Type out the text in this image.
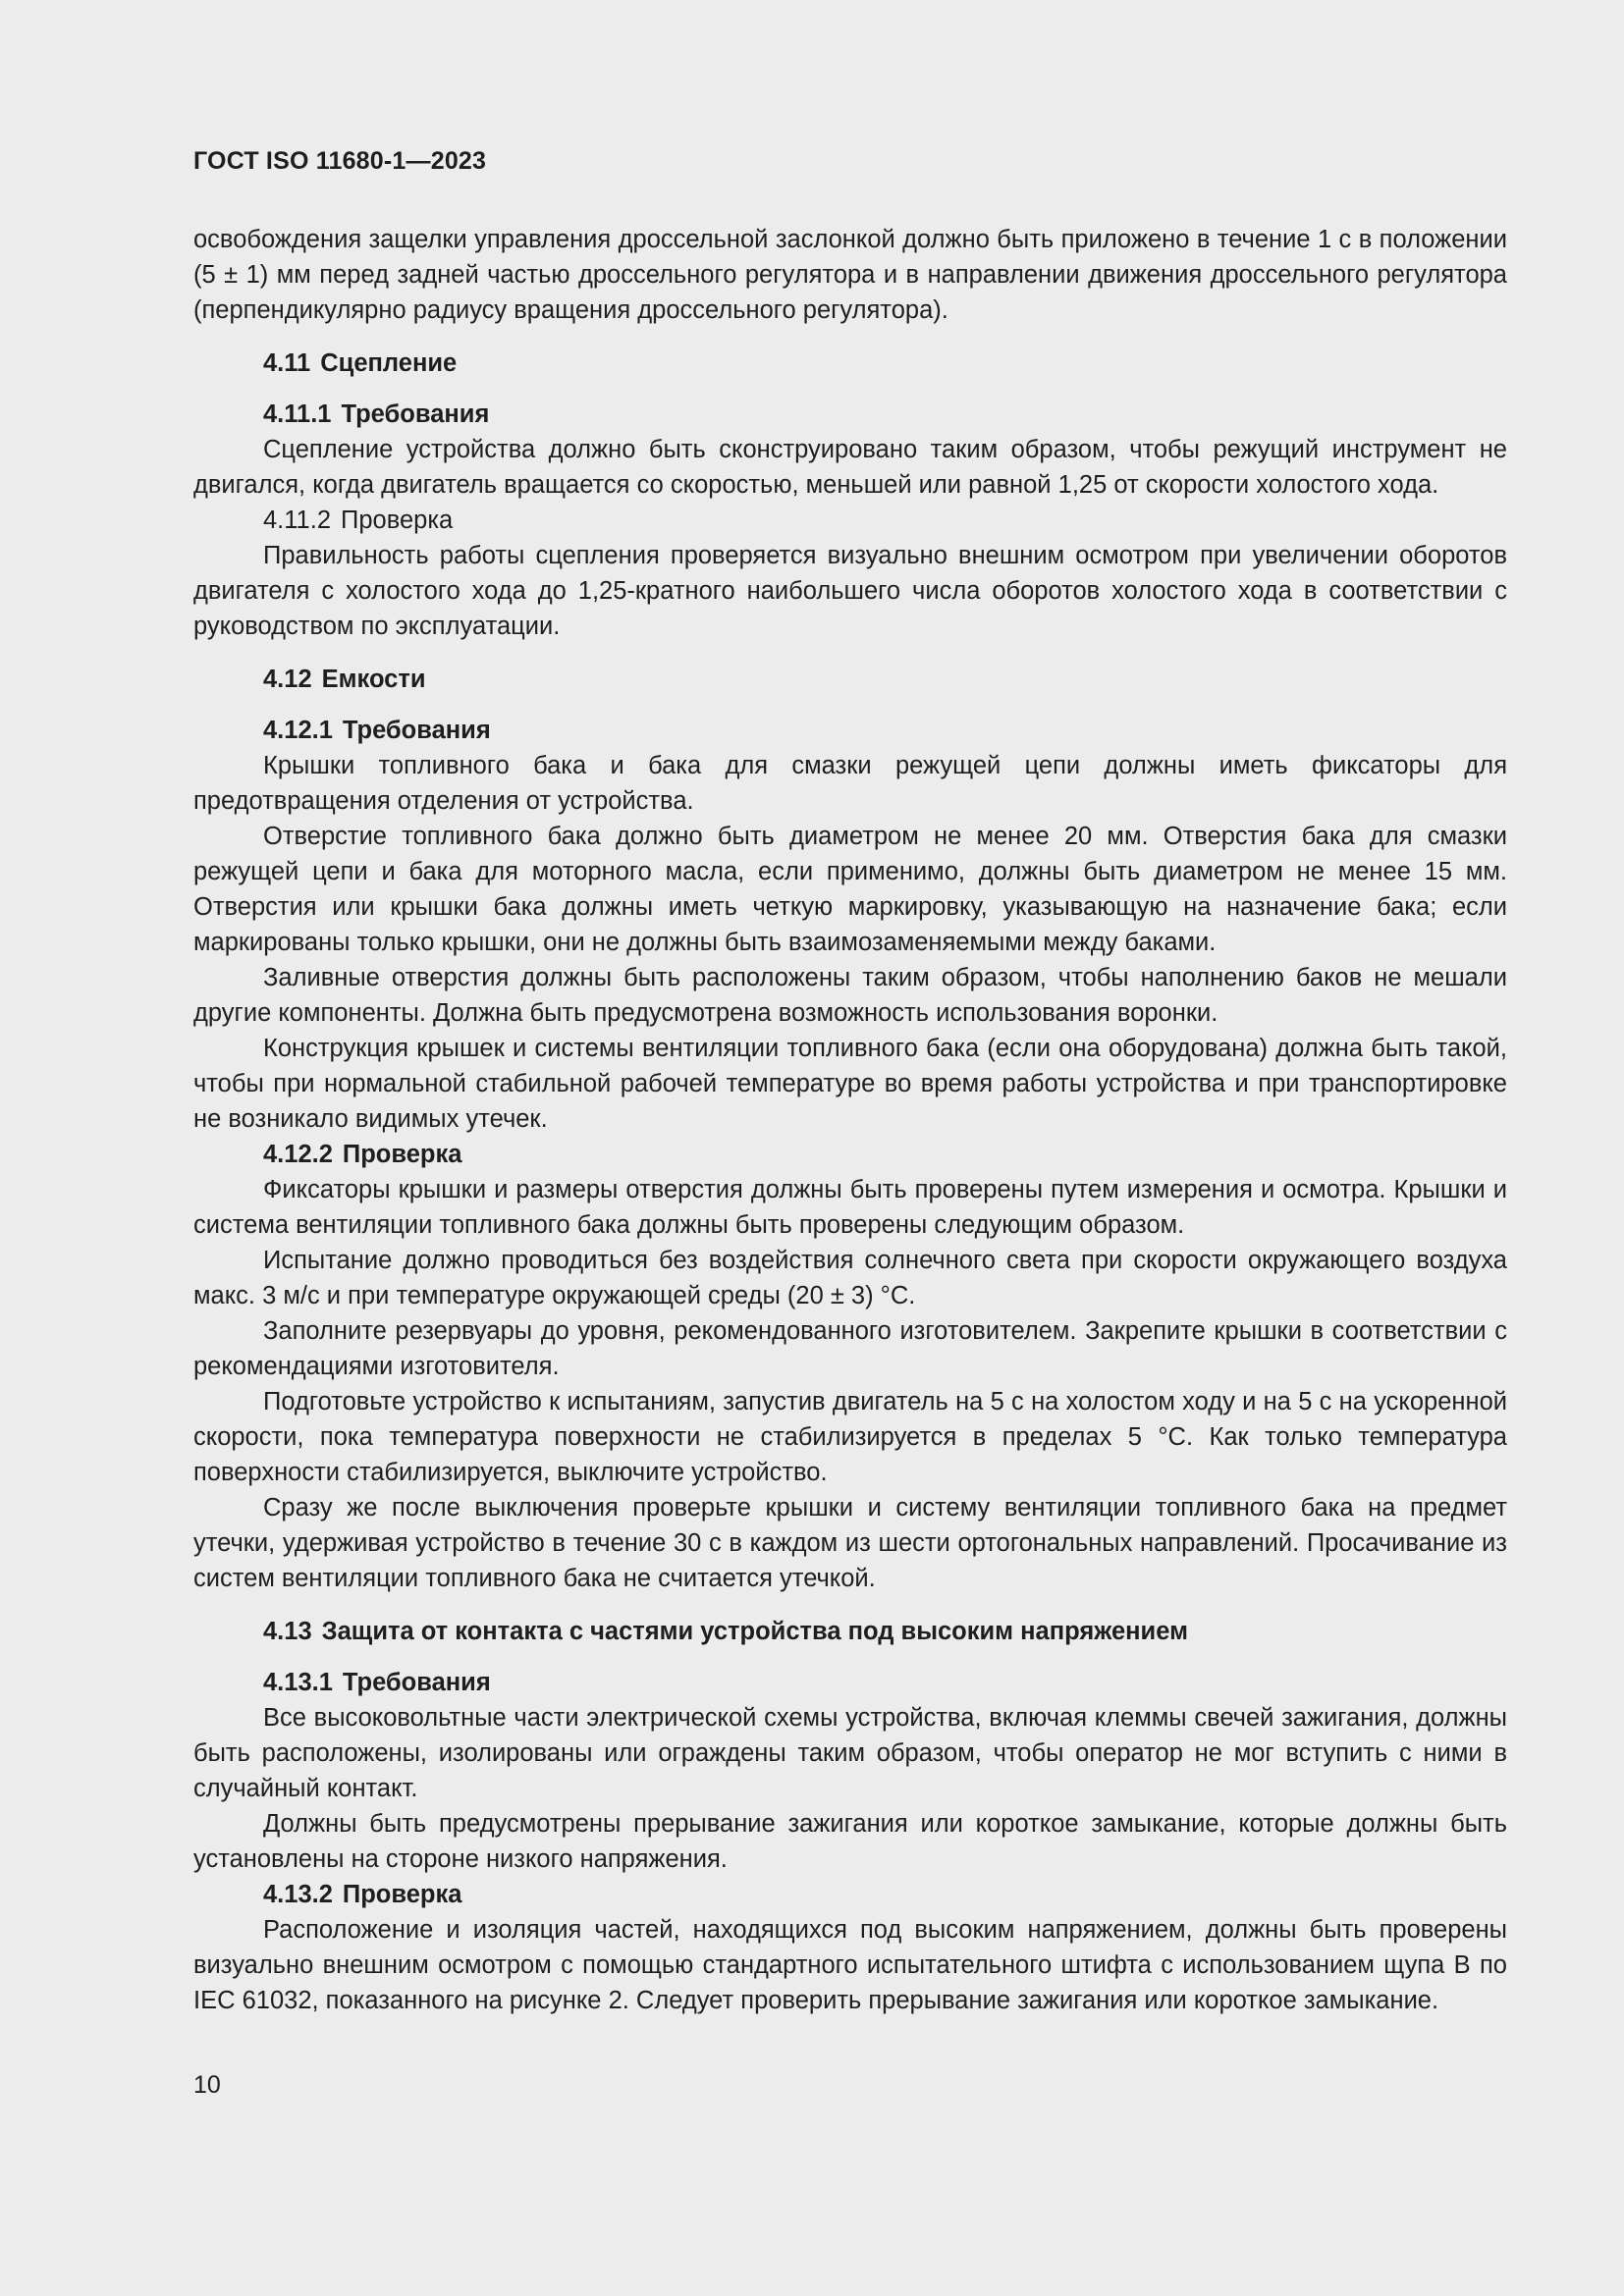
ГОСТ ISO 11680-1—2023

освобождения защелки управления дроссельной заслонкой должно быть приложено в течение 1 с в положении (5 ± 1) мм перед задней частью дроссельного регулятора и в направлении движения дроссельного регулятора (перпендикулярно радиусу вращения дроссельного регулятора).

4.11 Сцепление

4.11.1 Требования

Сцепление устройства должно быть сконструировано таким образом, чтобы режущий инструмент не двигался, когда двигатель вращается со скоростью, меньшей или равной 1,25 от скорости холостого хода.

4.11.2 Проверка

Правильность работы сцепления проверяется визуально внешним осмотром при увеличении оборотов двигателя с холостого хода до 1,25-кратного наибольшего числа оборотов холостого хода в соответствии с руководством по эксплуатации.

4.12 Емкости

4.12.1 Требования

Крышки топливного бака и бака для смазки режущей цепи должны иметь фиксаторы для предотвращения отделения от устройства.

Отверстие топливного бака должно быть диаметром не менее 20 мм. Отверстия бака для смазки режущей цепи и бака для моторного масла, если применимо, должны быть диаметром не менее 15 мм. Отверстия или крышки бака должны иметь четкую маркировку, указывающую на назначение бака; если маркированы только крышки, они не должны быть взаимозаменяемыми между баками.

Заливные отверстия должны быть расположены таким образом, чтобы наполнению баков не мешали другие компоненты. Должна быть предусмотрена возможность использования воронки.

Конструкция крышек и системы вентиляции топливного бака (если она оборудована) должна быть такой, чтобы при нормальной стабильной рабочей температуре во время работы устройства и при транспортировке не возникало видимых утечек.

4.12.2 Проверка

Фиксаторы крышки и размеры отверстия должны быть проверены путем измерения и осмотра. Крышки и система вентиляции топливного бака должны быть проверены следующим образом.

Испытание должно проводиться без воздействия солнечного света при скорости окружающего воздуха макс. 3 м/с и при температуре окружающей среды (20 ± 3) °С.

Заполните резервуары до уровня, рекомендованного изготовителем. Закрепите крышки в соответствии с рекомендациями изготовителя.

Подготовьте устройство к испытаниям, запустив двигатель на 5 с на холостом ходу и на 5 с на ускоренной скорости, пока температура поверхности не стабилизируется в пределах 5 °С. Как только температура поверхности стабилизируется, выключите устройство.

Сразу же после выключения проверьте крышки и систему вентиляции топливного бака на предмет утечки, удерживая устройство в течение 30 с в каждом из шести ортогональных направлений. Просачивание из систем вентиляции топливного бака не считается утечкой.

4.13 Защита от контакта с частями устройства под высоким напряжением

4.13.1 Требования

Все высоковольтные части электрической схемы устройства, включая клеммы свечей зажигания, должны быть расположены, изолированы или ограждены таким образом, чтобы оператор не мог вступить с ними в случайный контакт.

Должны быть предусмотрены прерывание зажигания или короткое замыкание, которые должны быть установлены на стороне низкого напряжения.

4.13.2 Проверка

Расположение и изоляция частей, находящихся под высоким напряжением, должны быть проверены визуально внешним осмотром с помощью стандартного испытательного штифта с использованием щупа В по IEC 61032, показанного на рисунке 2. Следует проверить прерывание зажигания или короткое замыкание.

10
